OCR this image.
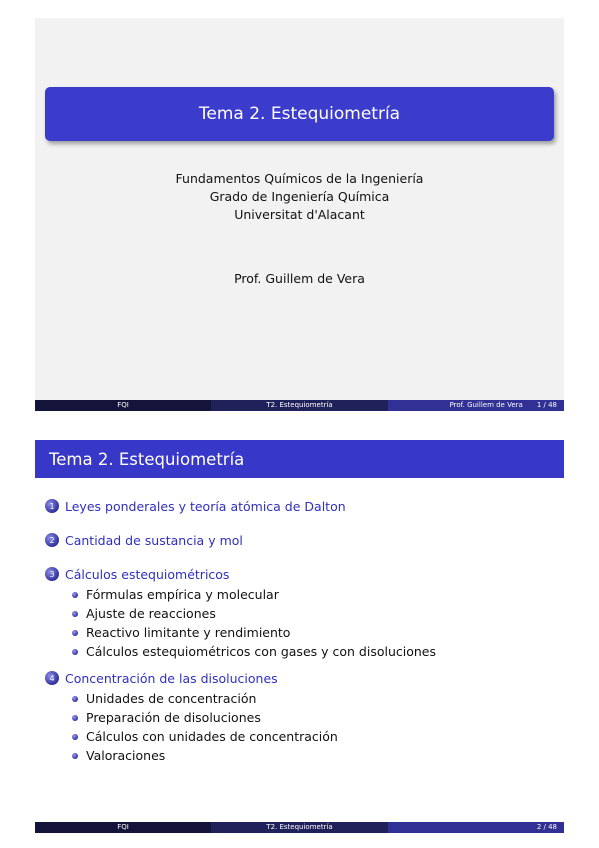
Tema 2. Estequiometría
Fundamentos Químicos de la Ingeniería
Grado de Ingeniería Química
Universitat d'Alacant
Prof. Guillem de Vera
FQI	T2. Estequiometría	Prof. Guillem de Vera	1 / 48
Tema 2. Estequiometría
1 Leyes ponderales y teoría atómica de Dalton
2 Cantidad de sustancia y mol
3 Cálculos estequiométricos
Fórmulas empírica y molecular
Ajuste de reacciones
Reactivo limitante y rendimiento
Cálculos estequiométricos con gases y con disoluciones
4 Concentración de las disoluciones
Unidades de concentración
Preparación de disoluciones
Cálculos con unidades de concentración
Valoraciones
FQI	T2. Estequiometría	2 / 48
